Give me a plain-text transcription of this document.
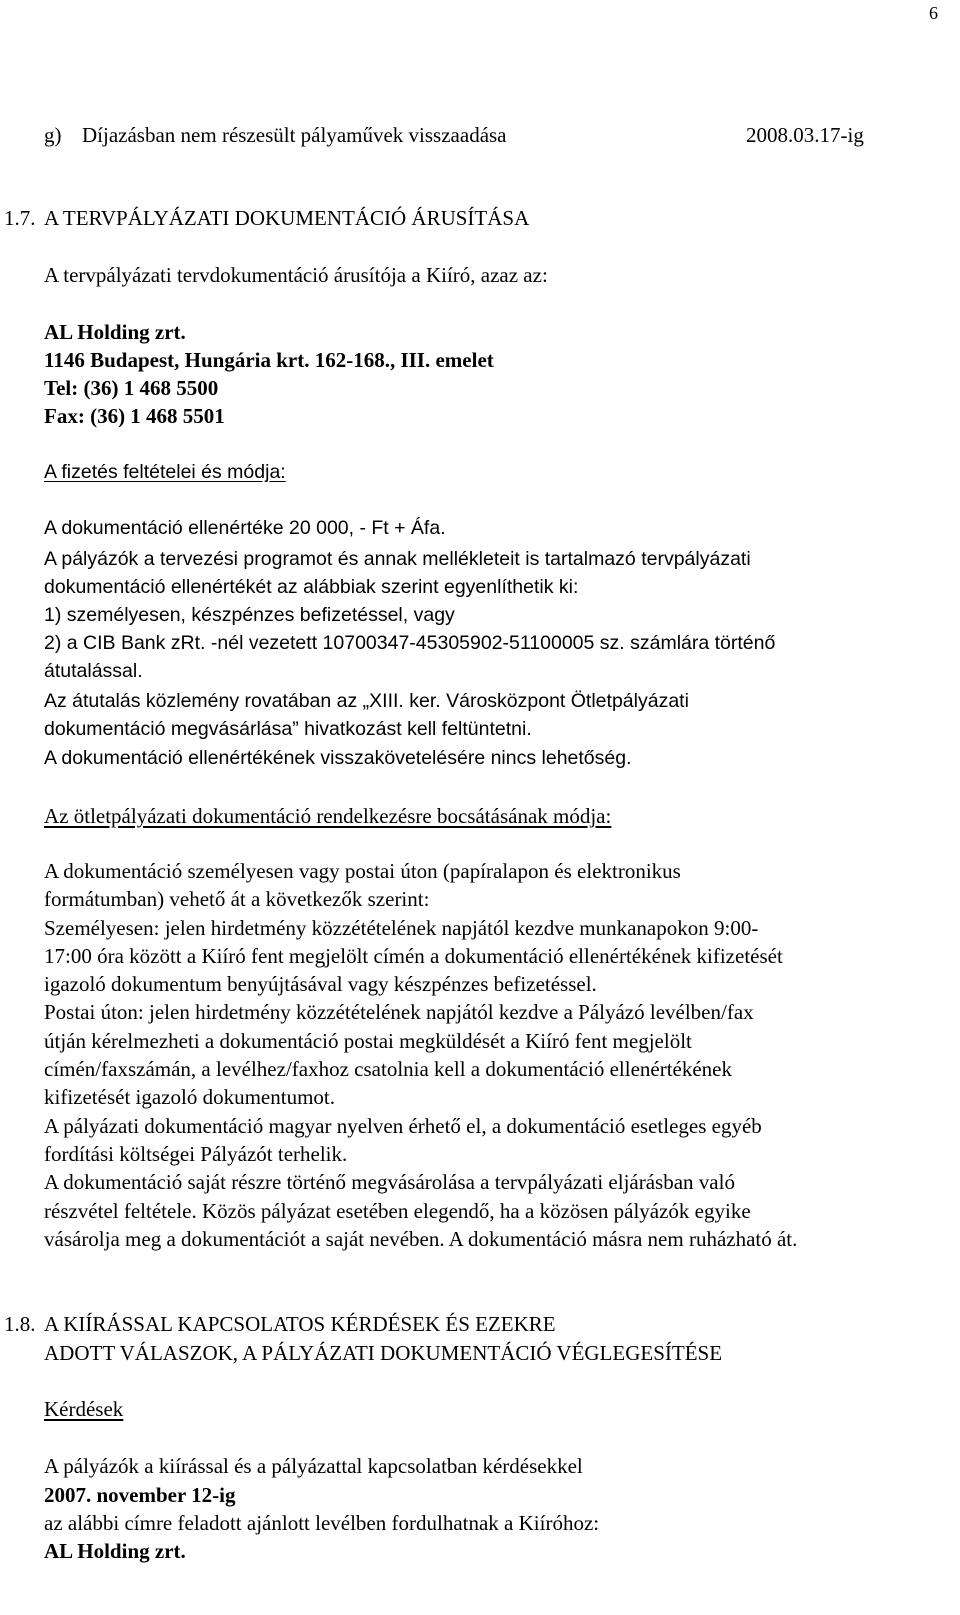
6
g) Díjazásban nem részesült pályaművek visszaadása	2008.03.17-ig
1.7. A TERVPÁLYÁZATI DOKUMENTÁCIÓ ÁRUSÍTÁSA
A tervpályázati tervdokumentáció árusítója a Kiíró, azaz az:
AL Holding zrt.
1146 Budapest, Hungária krt. 162-168., III. emelet
Tel: (36) 1 468 5500
Fax: (36) 1 468 5501
A fizetés feltételei és módja:
A dokumentáció ellenértéke 20 000, - Ft + Áfa.
A pályázók a tervezési programot és annak mellékleteit is tartalmazó tervpályázati
dokumentáció ellenértékét az alábbiak szerint egyenlíthetik ki:
1) személyesen, készpénzes befizetéssel, vagy
2) a CIB Bank zRt. -nél vezetett 10700347-45305902-51100005 sz. számlára történő
átutalással.
Az átutalás közlemény rovatában az „XIII. ker. Városközpont Ötletpályázati
dokumentáció megvásárlása” hivatkozást kell feltüntetni.
A dokumentáció ellenértékének visszakövetelésére nincs lehetőség.
Az ötletpályázati dokumentáció rendelkezésre bocsátásának módja:
A dokumentáció személyesen vagy postai úton (papíralapon és elektronikus
formátumban) vehető át a következők szerint:
Személyesen: jelen hirdetmény közzétételének napjától kezdve munkanapokon 9:00-
17:00 óra között a Kiíró fent megjelölt címén a dokumentáció ellenértékének kifizetését
igazoló dokumentum benyújtásával vagy készpénzes befizetéssel.
Postai úton: jelen hirdetmény közzétételének napjától kezdve a Pályázó levélben/fax
útján kérelmezheti a dokumentáció postai megküldését a Kiíró fent megjelölt
címén/faxszámán, a levélhez/faxhoz csatolnia kell a dokumentáció ellenértékének
kifizetését igazoló dokumentumot.
A pályázati dokumentáció magyar nyelven érhető el, a dokumentáció esetleges egyéb
fordítási költségei Pályázót terhelik.
A dokumentáció saját részre történő megvásárolása a tervpályázati eljárásban való
részvétel feltétele. Közös pályázat esetében elegendő, ha a közösen pályázók egyike
vásárolja meg a dokumentációt a saját nevében. A dokumentáció másra nem ruházható át.
1.8. A KIÍRÁSSAL KAPCSOLATOS KÉRDÉSEK ÉS EZEKRE
ADOTT VÁLASZOK, A PÁLYÁZATI DOKUMENTÁCIÓ VÉGLEGESÍTÉSE
Kérdések
A pályázók a kiírással és a pályázattal kapcsolatban kérdésekkel
2007. november 12-ig
az alábbi címre feladott ajánlott levélben fordulhatnak a Kiíróhoz:
AL Holding zrt.
